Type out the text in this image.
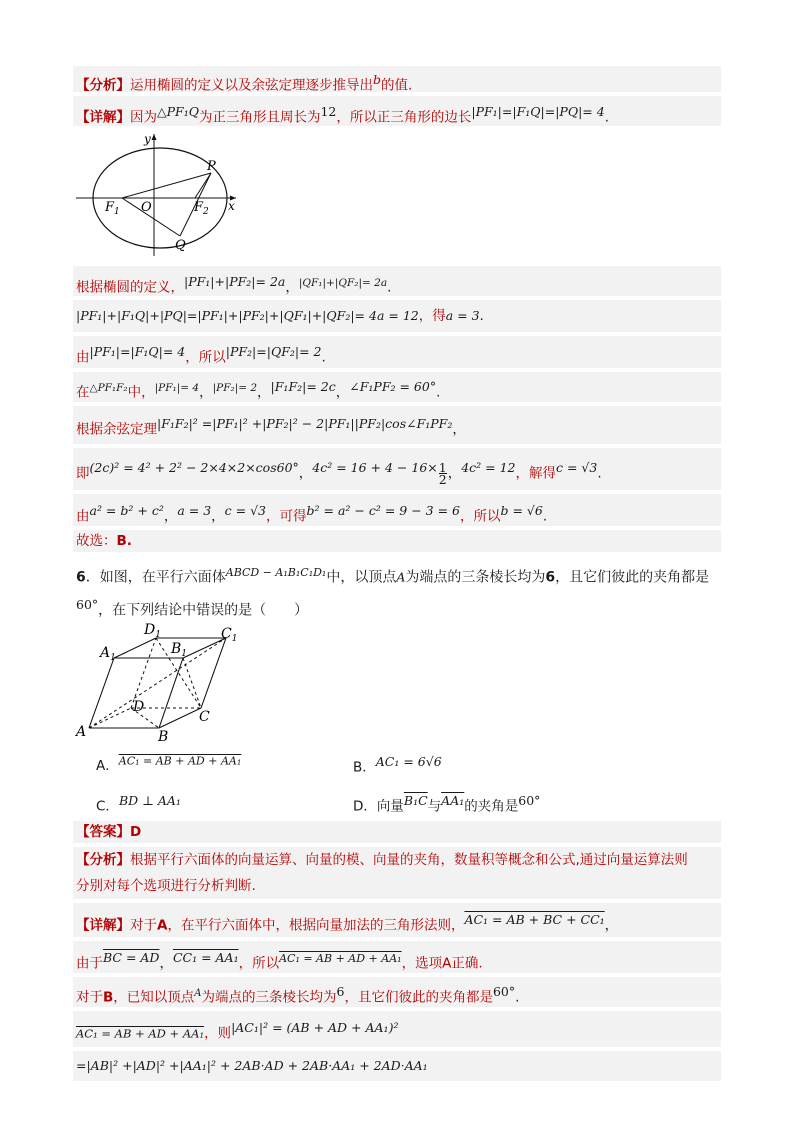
【分析】运用椭圆的定义以及余弦定理逐步推导出$^b$的值.
【详解】因为$^{\triangle PF_1Q}$为正三角形且周长为$^{12}$，所以正三角形的边长$^{|PF_1|=|F_1Q|=|PQ|= 4}$.
y
x
P
O
$F_1$	$F_2$
Q
根据椭圆的定义，$^{|PF_1|+|PF_2|= 2a}$，$^{|QF_1|+|QF_2|= 2a}$.
|PF₁|+|F₁Q|+|PQ|=|PF₁|+|PF₂|+|QF₁|+|QF₂|= 4a = 12，得a = 3.
由$^{|PF_1|=|F_1Q|= 4}$，所以$^{|PF_2|=|QF_2|= 2}$.
在$^{\triangle PF_1F_2}$中，$^{|PF_1|= 4}$，$^{|PF_2|= 2}$，$^{|F_1F_2|= 2c}$，$^{\angle F_1PF_2 = 60^\circ}$.
根据余弦定理$^{|F_1F_2|^2 =|PF_1|^2 +|PF_2|^2 - 2|PF_1||PF_2|cos\angle F_1PF_2}$，
即$^{(2c)^2 = 4^2 + 2^2 - 2\times 4\times 2\times cos60^\circ}$，$^{4c^2 = 16 + 4 - 16\times} \frac{1}{2}$ ，$^{4c^2 = 12}$，解得$^{c = √3}$.
由$^{a^2 = b^2 + c^2}$，$^{a = 3}$，$^{c = √3}$，可得$^{b^2 = a^2 - c^2 = 9 - 3 = 6}$，所以$^{b = √6}$.
故选：B.
6．如图，在平行六面体$^{ABCD - A_1B_1C_1D_1}$中，以顶点A为端点的三条棱长均为6，且它们彼此的夹角都是
$^{60^\circ}$，在下列结论中错误的是（　　）
A	B
C
D
$A_1$
$B_1$
$C_1$
$D_1$
A．$^{AC_1 = AB + AD + AA_1}$	B．$^{AC_1 = 6√6}$
C．$^{BD \perp AA_1}$	D．向量$^{B_1C}$与$^{AA_1}$的夹角是$^{60^\circ}$
【答案】D
【分析】根据平行六面体的向量运算、向量的模、向量的夹角，数量积等概念和公式,通过向量运算法则
分别对每个选项进行分析判断.
【详解】对于A，在平行六面体中，根据向量加法的三角形法则，$^{AC_1 = AB + BC + CC_1}$，
由于$^{BC = AD}$，$^{CC_1 = AA_1}$，所以$^{AC_1 = AB + AD + AA_1}$，选项A正确.
对于B，已知以顶点$^A$为端点的三条棱长均为$^6$，且它们彼此的夹角都是$^{60^\circ}$.
AC₁ = AB + AD + AA₁，则$^{|AC_1|^2 = (AB + AD + AA_1)^2}$
=|AB|² +|AD|² +|AA₁|² + 2AB·AD + 2AB·AA₁ + 2AD·AA₁
